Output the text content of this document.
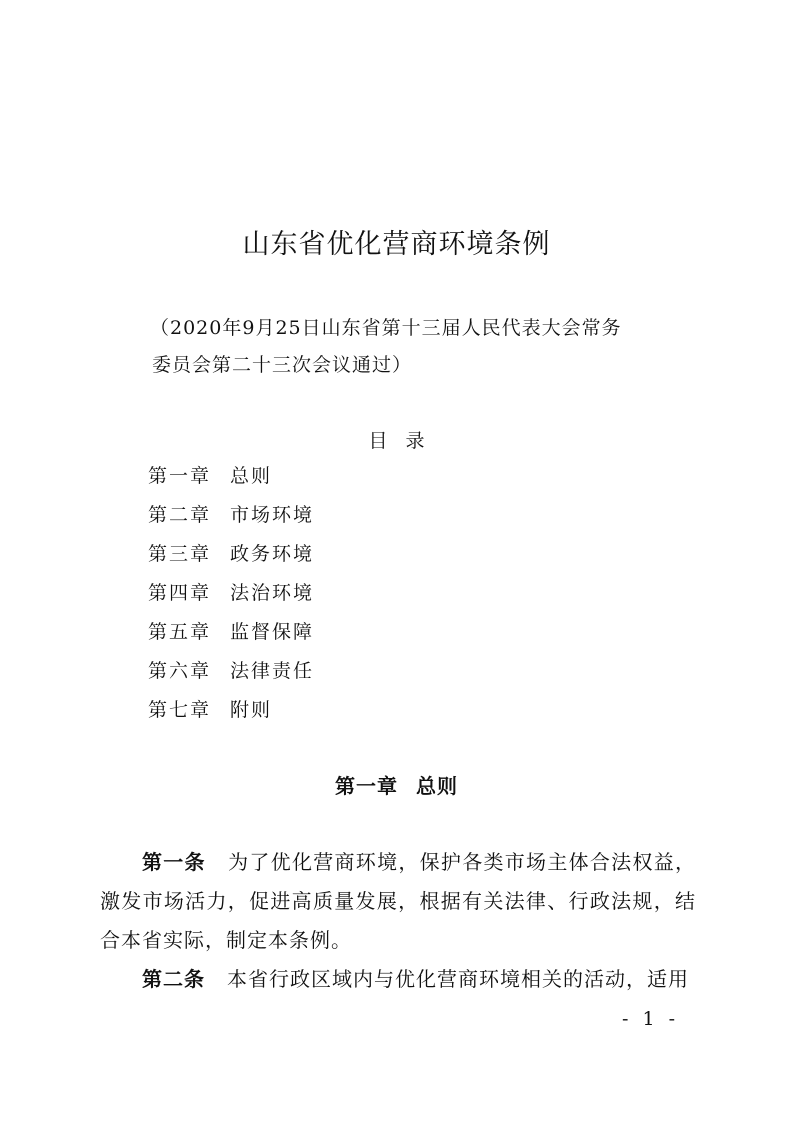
山东省优化营商环境条例
（2020年9月25日山东省第十三届人民代表大会常务
委员会第二十三次会议通过）
目录
第一章 总则
第二章 市场环境
第三章 政务环境
第四章 法治环境
第五章 监督保障
第六章 法律责任
第七章 附则
第一章 总则

第一条 为了优化营商环境，保护各类市场主体合法权益，激发市场活力，促进高质量发展，根据有关法律、行政法规，结合本省实际，制定本条例。

第二条 本省行政区域内与优化营商环境相关的活动，适用

- 1 -
